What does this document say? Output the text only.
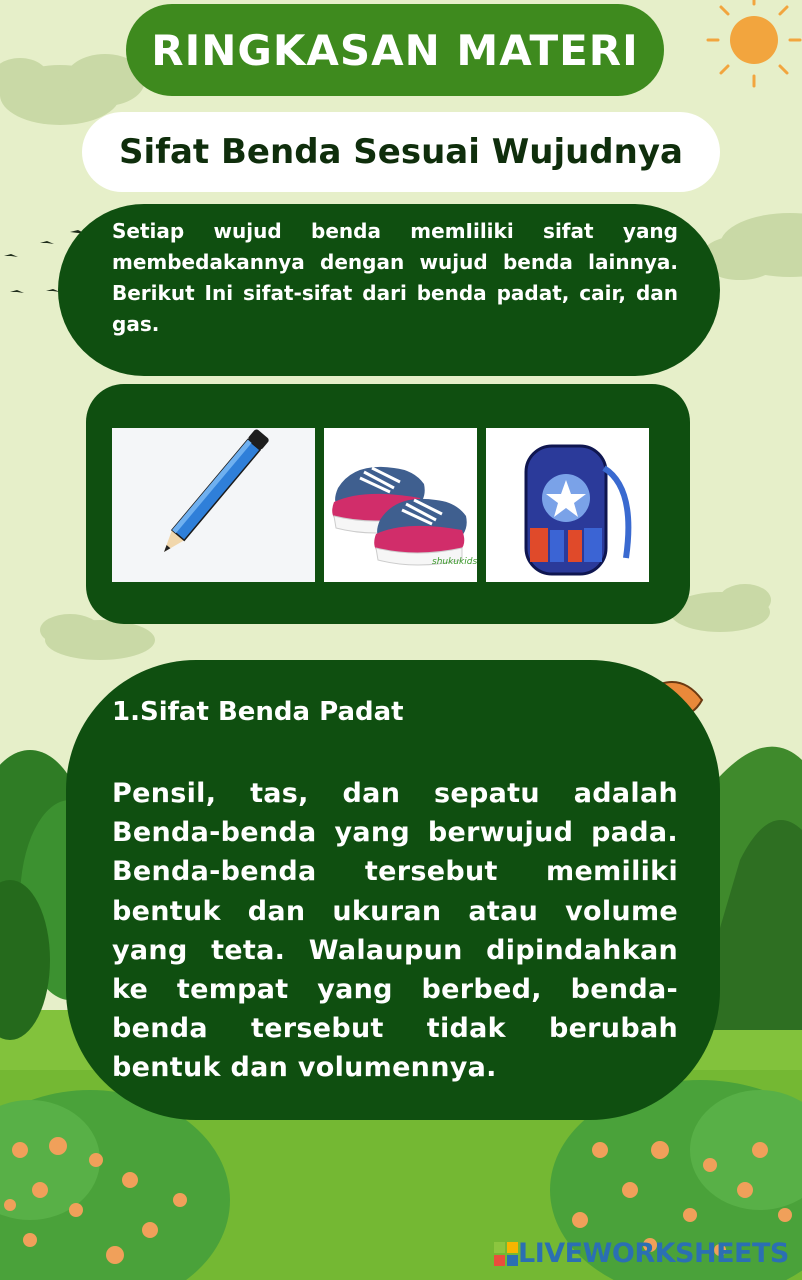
RINGKASAN MATERI
Sifat Benda Sesuai Wujudnya

Setiap wujud benda memIiliki sifat yang membedakannya dengan wujud benda lainnya. Berikut Ini sifat-sifat dari benda padat, cair, dan gas.

shukukids
1.Sifat Benda Padat

Pensil, tas, dan sepatu adalah Benda-benda yang berwujud pada. Benda-benda tersebut memiliki bentuk dan ukuran atau volume yang teta. Walaupun dipindahkan ke tempat yang berbed, benda-benda tersebut tidak berubah bentuk dan volumennya.

LIVEWORKSHEETS
